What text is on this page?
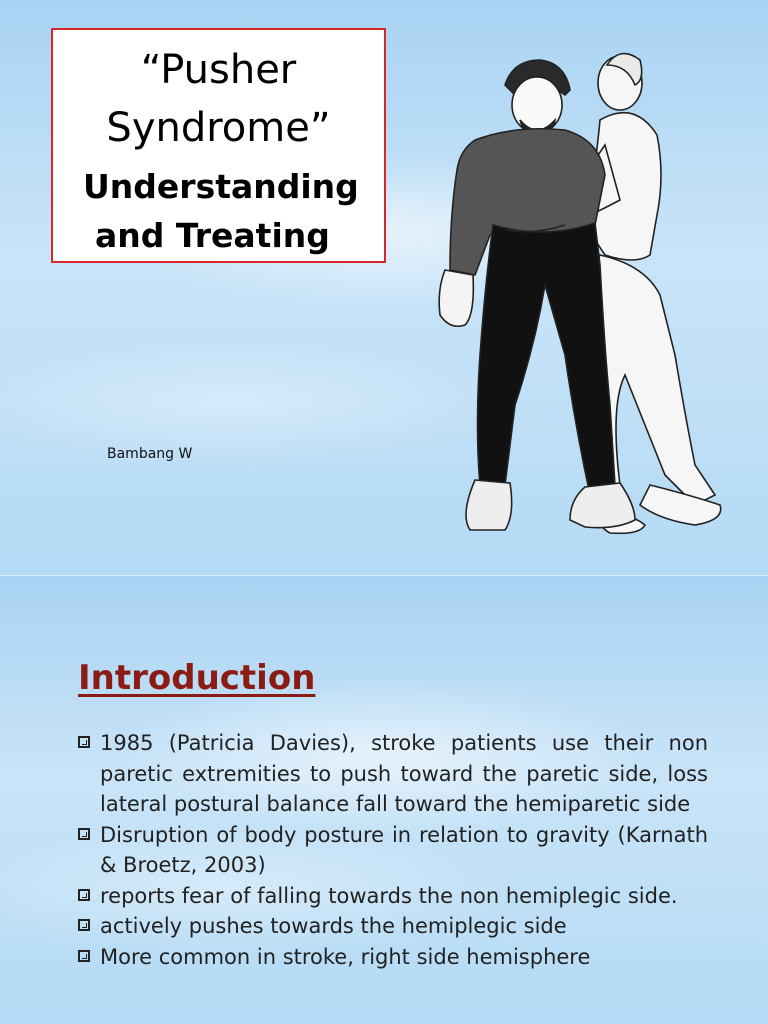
“Pusher
Syndrome”
Understanding
and Treating
Bambang W
Introduction
1985 (Patricia Davies), stroke patients use their non paretic extremities to push toward the paretic side, loss lateral postural balance fall toward the hemiparetic side
Disruption of body posture in relation to gravity (Karnath & Broetz, 2003)
reports fear of falling towards the non hemiplegic side.
actively pushes towards the hemiplegic side
More common in stroke, right side hemisphere
